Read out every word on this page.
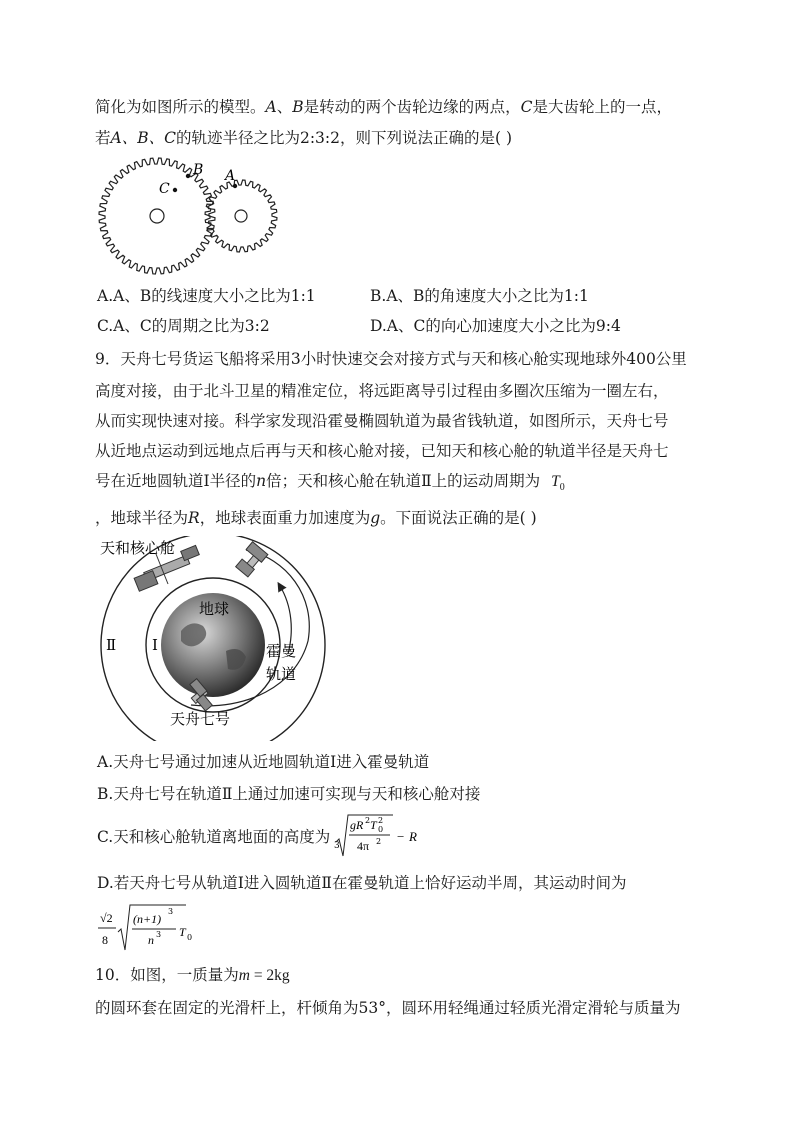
简化为如图所示的模型。A、B是转动的两个齿轮边缘的两点，C是大齿轮上的一点，
若A、B、C的轨迹半径之比为2:3:2，则下列说法正确的是( )
C
B A
A.A、B的线速度大小之比为1:1	B.A、B的角速度大小之比为1:1
C.A、C的周期之比为3:2	D.A、C的向心加速度大小之比为9:4
9．天舟七号货运飞船将采用3小时快速交会对接方式与天和核心舱实现地球外400公里
高度对接，由于北斗卫星的精准定位，将远距离导引过程由多圈次压缩为一圈左右，
从而实现快速对接。科学家发现沿霍曼椭圆轨道为最省钱轨道，如图所示，天舟七号
从近地点运动到远地点后再与天和核心舱对接，已知天和核心舱的轨道半径是天舟七
号在近地圆轨道Ⅰ半径的n倍；天和核心舱在轨道Ⅱ上的运动周期为 $T_0$
，地球半径为R，地球表面重力加速度为g。下面说法正确的是( )
天和核心舱
地球
Ⅱ Ⅰ	霍曼
轨道
天舟七号
A.天舟七号通过加速从近地圆轨道Ⅰ进入霍曼轨道
B.天舟七号在轨道Ⅱ上通过加速可实现与天和核心舱对接
C.天和核心舱轨道离地面的高度为 3
gR 2 T 0
2
4π 2 − R
D.若天舟七号从轨道Ⅰ进入圆轨道Ⅱ在霍曼轨道上恰好运动半周，其运动时间为
√2
8
(n+1)
3
n 3 T 0
10．如图，一质量为m = 2kg
的圆环套在固定的光滑杆上，杆倾角为53°，圆环用轻绳通过轻质光滑定滑轮与质量为
